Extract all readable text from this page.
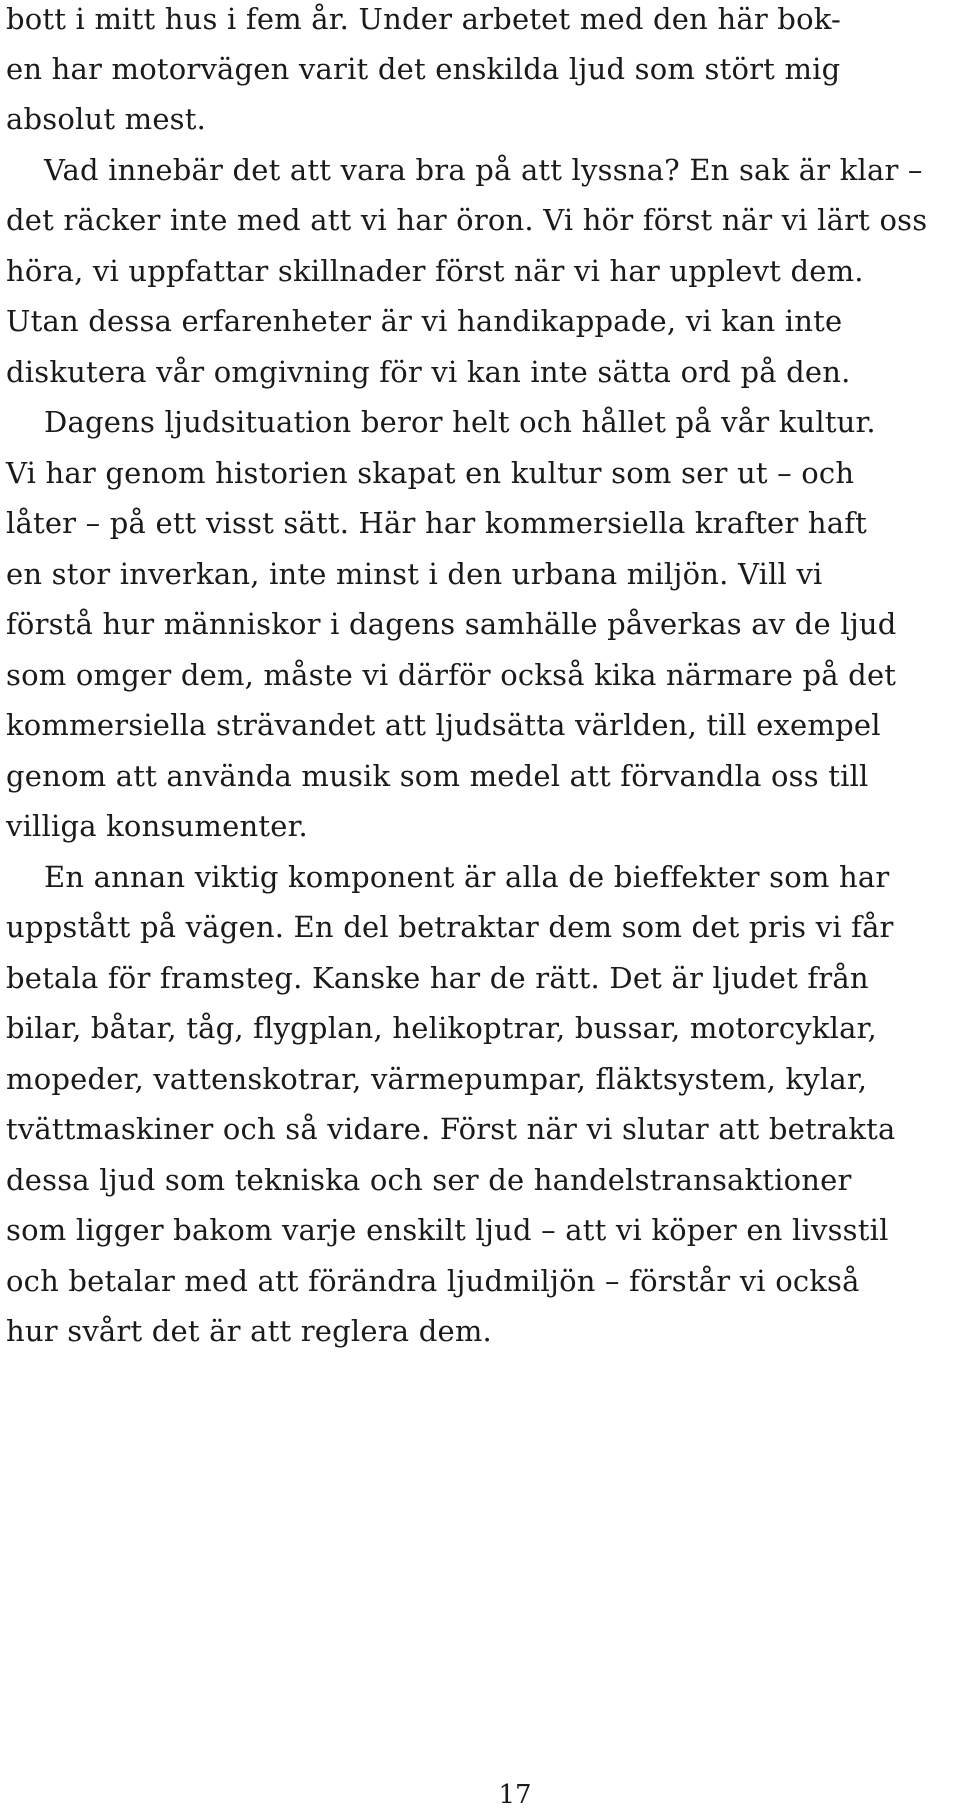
bott i mitt hus i fem år. Under arbetet med den här bok-
en har motorvägen varit det enskilda ljud som stört mig
absolut mest.
Vad innebär det att vara bra på att lyssna? En sak är klar –
det räcker inte med att vi har öron. Vi hör först när vi lärt oss
höra, vi uppfattar skillnader först när vi har upplevt dem.
Utan dessa erfarenheter är vi handikappade, vi kan inte
diskutera vår omgivning för vi kan inte sätta ord på den.
Dagens ljudsituation beror helt och hållet på vår kultur.
Vi har genom historien skapat en kultur som ser ut – och
låter – på ett visst sätt. Här har kommersiella krafter haft
en stor inverkan, inte minst i den urbana miljön. Vill vi
förstå hur människor i dagens samhälle påverkas av de ljud
som omger dem, måste vi därför också kika närmare på det
kommersiella strävandet att ljudsätta världen, till exempel
genom att använda musik som medel att förvandla oss till
villiga konsumenter.
En annan viktig komponent är alla de bieffekter som har
uppstått på vägen. En del betraktar dem som det pris vi får
betala för framsteg. Kanske har de rätt. Det är ljudet från
bilar, båtar, tåg, flygplan, helikoptrar, bussar, motorcyklar,
mopeder, vattenskotrar, värmepumpar, fläktsystem, kylar,
tvättmaskiner och så vidare. Först när vi slutar att betrakta
dessa ljud som tekniska och ser de handelstransaktioner
som ligger bakom varje enskilt ljud – att vi köper en livsstil
och betalar med att förändra ljudmiljön – förstår vi också
hur svårt det är att reglera dem.
17
